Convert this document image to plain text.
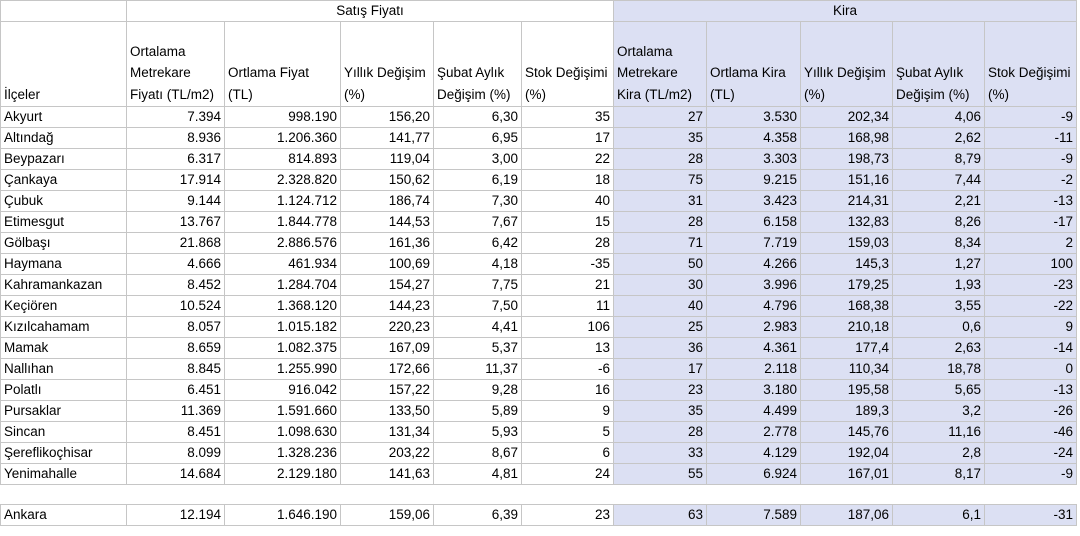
	Satış Fiyatı					Kira				
İlçeler	Ortalama Metrekare Fiyatı (TL/m2)	Ortlama Fiyat (TL)	Yıllık Değişim (%)	Şubat Aylık Değişim (%)	Stok Değişimi (%)	Ortalama Metrekare Kira (TL/m2)	Ortlama Kira (TL)	Yıllık Değişim (%)	Şubat Aylık Değişim (%)	Stok Değişimi (%)
Akyurt	7.394	998.190	156,20	6,30	35	27	3.530	202,34	4,06	-9
Altındağ	8.936	1.206.360	141,77	6,95	17	35	4.358	168,98	2,62	-11
Beypazarı	6.317	814.893	119,04	3,00	22	28	3.303	198,73	8,79	-9
Çankaya	17.914	2.328.820	150,62	6,19	18	75	9.215	151,16	7,44	-2
Çubuk	9.144	1.124.712	186,74	7,30	40	31	3.423	214,31	2,21	-13
Etimesgut	13.767	1.844.778	144,53	7,67	15	28	6.158	132,83	8,26	-17
Gölbaşı	21.868	2.886.576	161,36	6,42	28	71	7.719	159,03	8,34	2
Haymana	4.666	461.934	100,69	4,18	-35	50	4.266	145,3	1,27	100
Kahramankazan	8.452	1.284.704	154,27	7,75	21	30	3.996	179,25	1,93	-23
Keçiören	10.524	1.368.120	144,23	7,50	11	40	4.796	168,38	3,55	-22
Kızılcahamam	8.057	1.015.182	220,23	4,41	106	25	2.983	210,18	0,6	9
Mamak	8.659	1.082.375	167,09	5,37	13	36	4.361	177,4	2,63	-14
Nallıhan	8.845	1.255.990	172,66	11,37	-6	17	2.118	110,34	18,78	0
Polatlı	6.451	916.042	157,22	9,28	16	23	3.180	195,58	5,65	-13
Pursaklar	11.369	1.591.660	133,50	5,89	9	35	4.499	189,3	3,2	-26
Sincan	8.451	1.098.630	131,34	5,93	5	28	2.778	145,76	11,16	-46
Şereflikoçhisar	8.099	1.328.236	203,22	8,67	6	33	4.129	192,04	2,8	-24
Yenimahalle	14.684	2.129.180	141,63	4,81	24	55	6.924	167,01	8,17	-9

Ankara	12.194	1.646.190	159,06	6,39	23	63	7.589	187,06	6,1	-31
